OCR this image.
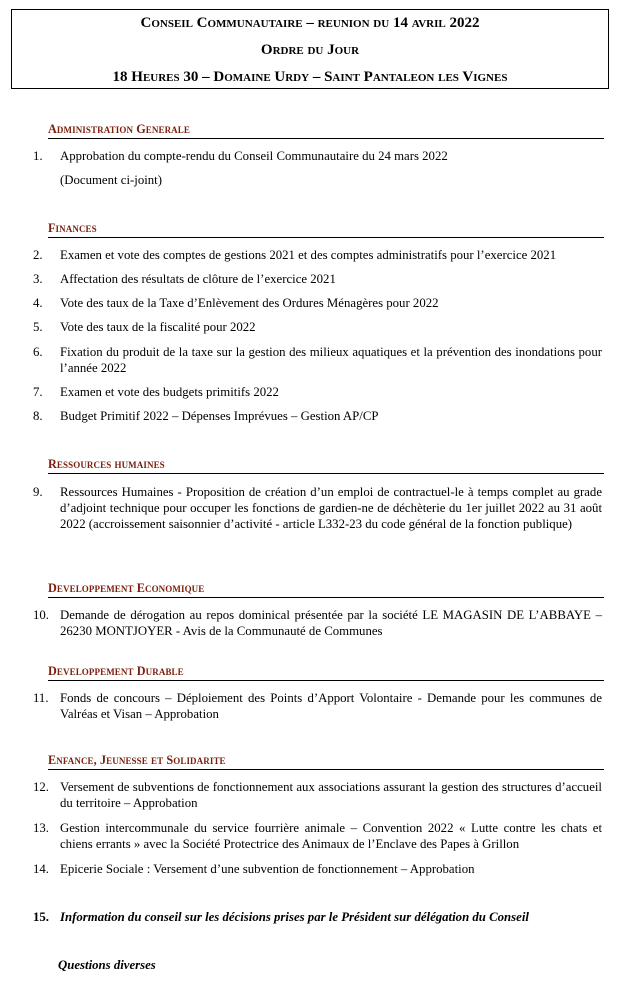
Conseil Communautaire – reunion du 14 avril 2022
Ordre du Jour
18 Heures 30 – Domaine Urdy – Saint Pantaleon les Vignes
Administration Generale
1.	Approbation du compte-rendu du Conseil Communautaire du 24 mars 2022
(Document ci-joint)
Finances
2.	Examen et vote des comptes de gestions 2021 et des comptes administratifs pour l’exercice 2021
3.	Affectation des résultats de clôture de l’exercice 2021
4.	Vote des taux de la Taxe d’Enlèvement des Ordures Ménagères pour 2022
5.	Vote des taux de la fiscalité pour 2022
6.	Fixation du produit de la taxe sur la gestion des milieux aquatiques et la prévention des inondations pour l’année 2022
7.	Examen et vote des budgets primitifs 2022
8.	Budget Primitif 2022 – Dépenses Imprévues – Gestion AP/CP
Ressources humaines
9.	Ressources Humaines - Proposition de création d’un emploi de contractuel-le à temps complet au grade d’adjoint technique pour occuper les fonctions de gardien-ne de déchèterie du 1er juillet 2022 au 31 août 2022 (accroissement saisonnier d’activité - article L332-23 du code général de la fonction publique)
Developpement Economique
10. Demande de dérogation au repos dominical présentée par la société LE MAGASIN DE L’ABBAYE – 26230 MONTJOYER - Avis de la Communauté de Communes
Developpement Durable
11. Fonds de concours – Déploiement des Points d’Apport Volontaire - Demande pour les communes de Valréas et Visan – Approbation
Enfance, Jeunesse et Solidarite
12. Versement de subventions de fonctionnement aux associations assurant la gestion des structures d’accueil du territoire – Approbation
13. Gestion intercommunale du service fourrière animale – Convention 2022 « Lutte contre les chats et chiens errants » avec la Société Protectrice des Animaux de l’Enclave des Papes à Grillon
14. Epicerie Sociale : Versement d’une subvention de fonctionnement – Approbation
15. Information du conseil sur les décisions prises par le Président sur délégation du Conseil
Questions diverses
